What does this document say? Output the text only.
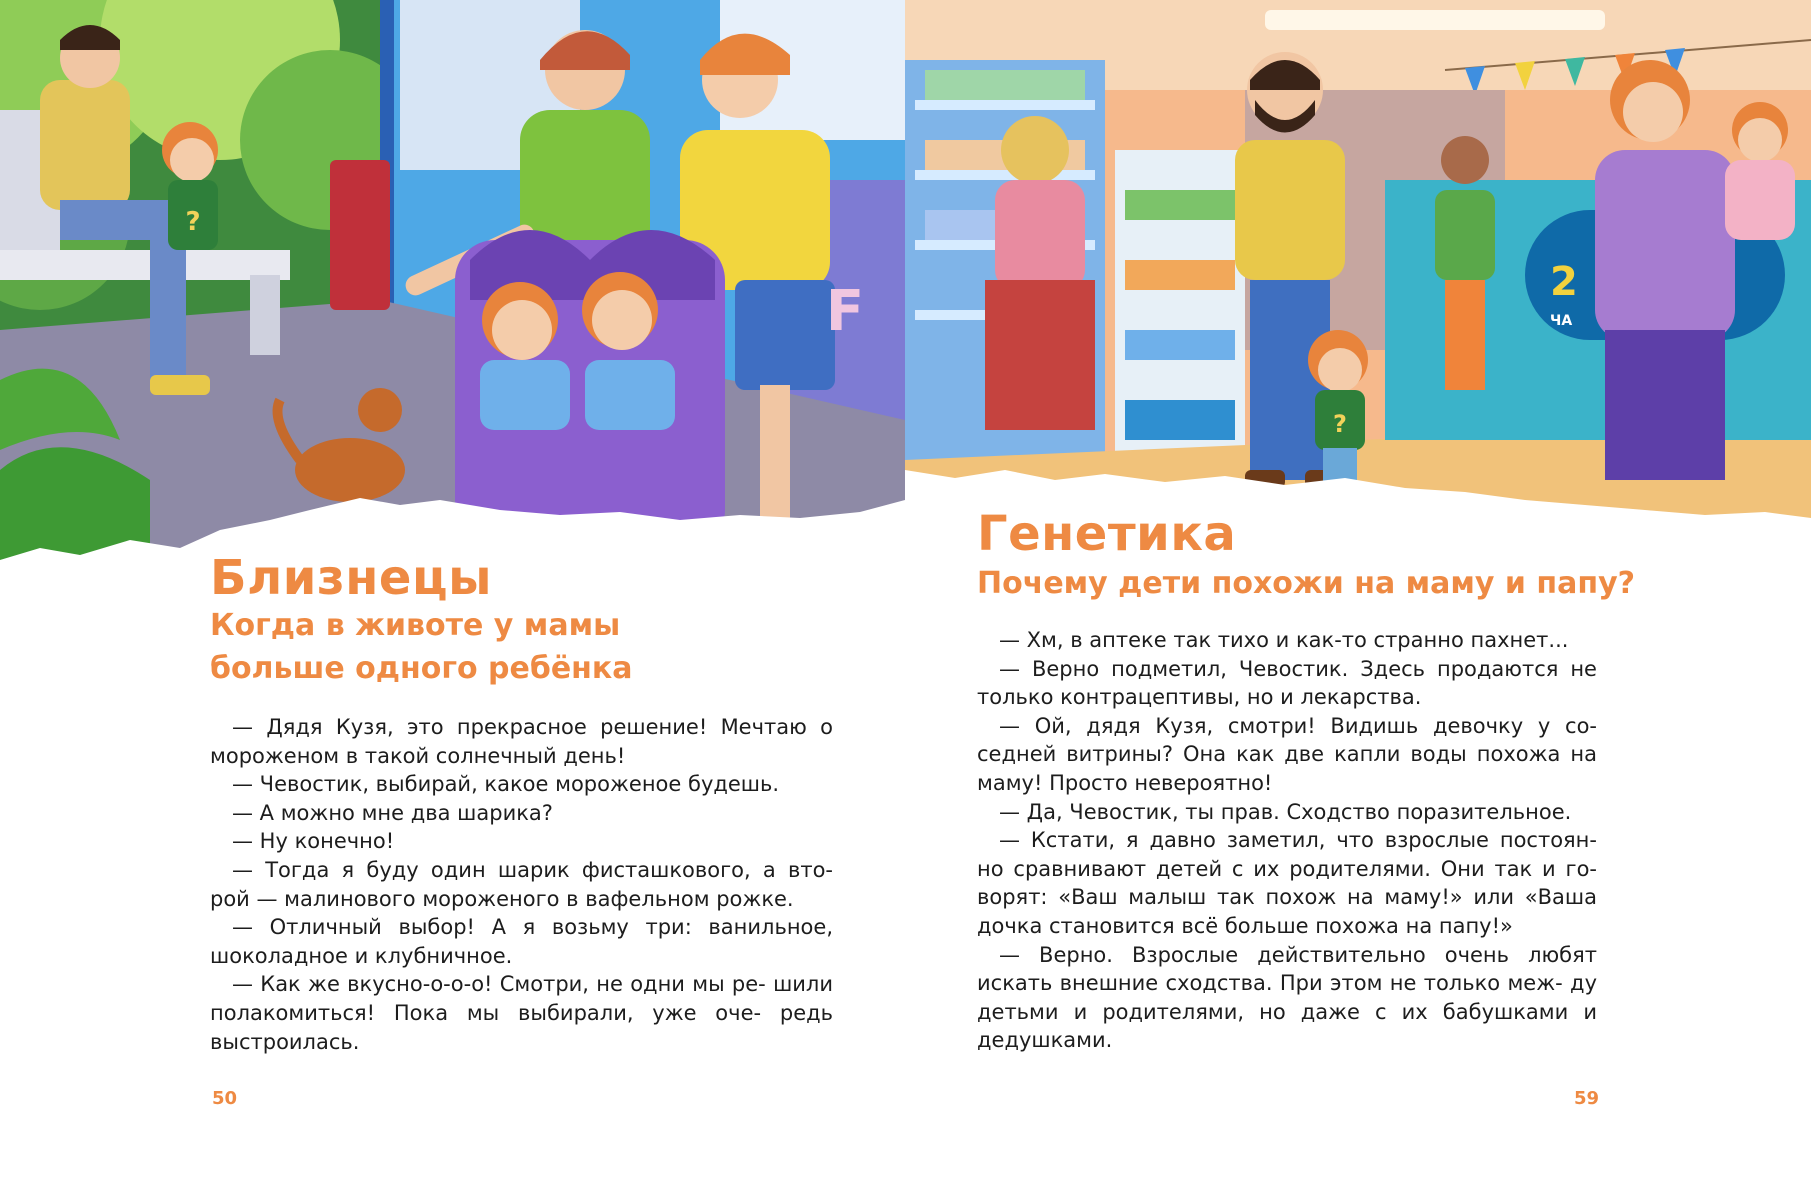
?
F
Близнецы
Когда в животе у мамы
больше одного ребёнка

— Дядя Кузя, это прекрасное решение! Мечтаю о мороженом в такой солнечный день!

— Чевостик, выбирай, какое мороженое будешь.

— А можно мне два шарика?

— Ну конечно!

— Тогда я буду один шарик фисташкового, а вто- рой — малинового мороженого в вафельном рожке.

— Отличный выбор! А я возьму три: ванильное, шоколадное и клубничное.

— Как же вкусно-о-о-о! Смотри, не одни мы ре- шили полакомиться! Пока мы выбирали, уже оче- редь выстроилась.

50
?
2
ЧА
Генетика
Почему дети похожи на маму и папу?

— Хм, в аптеке так тихо и как-то странно пахнет...

— Верно подметил, Чевостик. Здесь продаются не только контрацептивы, но и лекарства.

— Ой, дядя Кузя, смотри! Видишь девочку у со- седней витрины? Она как две капли воды похожа на маму! Просто невероятно!

— Да, Чевостик, ты прав. Сходство поразительное.

— Кстати, я давно заметил, что взрослые постоян- но сравнивают детей с их родителями. Они так и го- ворят: «Ваш малыш так похож на маму!» или «Ваша дочка становится всё больше похожа на папу!»

— Верно. Взрослые действительно очень любят искать внешние сходства. При этом не только меж- ду детьми и родителями, но даже с их бабушками и дедушками.

59
